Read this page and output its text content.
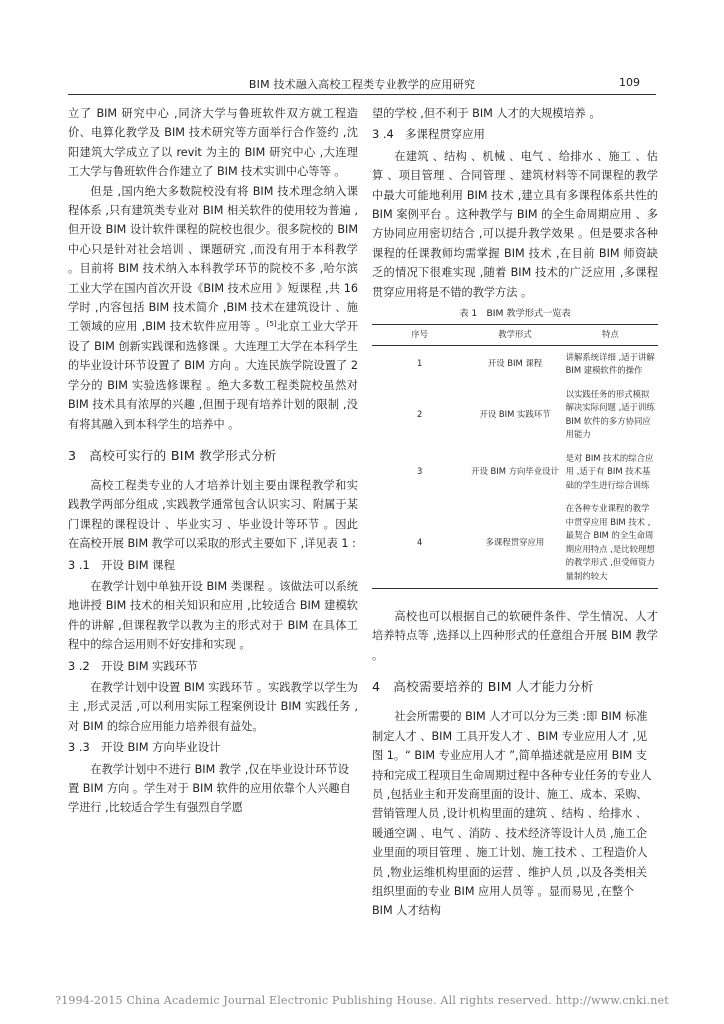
BIM 技术融入高校工程类专业教学的应用研究	109

立了 BIM 研究中心 ,同济大学与鲁班软件双方就工程造价、电算化教学及 BIM 技术研究等方面举行合作签约 ,沈阳建筑大学成立了以 revit 为主的 BIM 研究中心 ,大连理工大学与鲁班软件合作建立了 BIM 技术实训中心等等 。

但是 ,国内绝大多数院校没有将 BIM 技术理念纳入课程体系 ,只有建筑类专业对 BIM 相关软件的使用较为普遍 ,但开设 BIM 设计软件课程的院校也很少。很多院校的 BIM 中心只是针对社会培训 、课题研究 ,而没有用于本科教学 。目前将 BIM 技术纳入本科教学环节的院校不多 ,哈尔滨工业大学在国内首次开设《BIM 技术应用 》短课程 ,共 16 学时 ,内容包括 BIM 技术简介 ,BIM 技术在建筑设计 、施工领域的应用 ,BIM 技术软件应用等 。[5]北京工业大学开设了 BIM 创新实践课和选修课 。大连理工大学在本科学生的毕业设计环节设置了 BIM 方向 。大连民族学院设置了 2 学分的 BIM 实验选修课程 。绝大多数工程类院校虽然对 BIM 技术具有浓厚的兴趣 ,但囿于现有培养计划的限制 ,没有将其融入到本科学生的培养中 。

3　高校可实行的 BIM 教学形式分析

高校工程类专业的人才培养计划主要由课程教学和实践教学两部分组成 ,实践教学通常包含认识实习、附属于某门课程的课程设计 、毕业实习 、毕业设计等环节 。因此在高校开展 BIM 教学可以采取的形式主要如下 ,详见表 1 :

3 .1　开设 BIM 课程

在教学计划中单独开设 BIM 类课程 。该做法可以系统地讲授 BIM 技术的相关知识和应用 ,比较适合 BIM 建模软件的讲解 ,但课程教学以教为主的形式对于 BIM 在具体工程中的综合运用则不好安排和实现 。

3 .2　开设 BIM 实践环节

在教学计划中设置 BIM 实践环节 。实践教学以学生为主 ,形式灵活 ,可以利用实际工程案例设计 BIM 实践任务 ,对 BIM 的综合应用能力培养很有益处。

3 .3　开设 BIM 方向毕业设计

在教学计划中不进行 BIM 教学 ,仅在毕业设计环节设置 BIM 方向 。学生对于 BIM 软件的应用依靠个人兴趣自学进行 ,比较适合学生有强烈自学愿

望的学校 ,但不利于 BIM 人才的大规模培养 。

3 .4　多课程贯穿应用

在建筑 、结构 、机械 、电气 、给排水 、施工 、估算 、项目管理 、合同管理 、建筑材料等不同课程的教学中最大可能地利用 BIM 技术 ,建立具有多课程体系共性的 BIM 案例平台 。这种教学与 BIM 的全生命周期应用 、多方协同应用密切结合 ,可以提升教学效果 。但是要求各种课程的任课教师均需掌握 BIM 技术 ,在目前 BIM 师资缺乏的情况下很难实现 ,随着 BIM 技术的广泛应用 ,多课程贯穿应用将是不错的教学方法 。

表 1　BIM 教学形式一览表
序号	教学形式	特点
1	开设 BIM 课程	讲解系统详细 ,适于讲解 BIM 建模软件的操作
2	开设 BIM 实践环节	以实践任务的形式模拟解决实际问题 ,适于训练 BIM 软件的多方协同应用能力
3	开设 BIM 方向毕业设计	是对 BIM 技术的综合应用 ,适于有 BIM 技术基础的学生进行综合训练
4	多课程贯穿应用	在各种专业课程的教学中贯穿应用 BIM 技术 ,最契合 BIM 的全生命周期应用特点 ,是比较理想的教学形式 ,但受师资力量制约较大

高校也可以根据自己的软硬件条件、学生情况、人才培养特点等 ,选择以上四种形式的任意组合开展 BIM 教学 。

4　高校需要培养的 BIM 人才能力分析

社会所需要的 BIM 人才可以分为三类 :即 BIM 标准制定人才 、BIM 工具开发人才 、BIM 专业应用人才 ,见图 1。“ BIM 专业应用人才 ”,简单描述就是应用 BIM 支持和完成工程项目生命周期过程中各种专业任务的专业人员 ,包括业主和开发商里面的设计、施工、成本、采购、营销管理人员 ,设计机构里面的建筑 、结构 、给排水 、暖通空调 、电气 、消防 、技术经济等设计人员 ,施工企业里面的项目管理 、施工计划、施工技术 、工程造价人员 ,物业运维机构里面的运营 、维护人员 ,以及各类相关组织里面的专业 BIM 应用人员等 。显而易见 ,在整个 BIM 人才结构

?1994-2015 China Academic Journal Electronic Publishing House. All rights reserved. http://www.cnki.net
